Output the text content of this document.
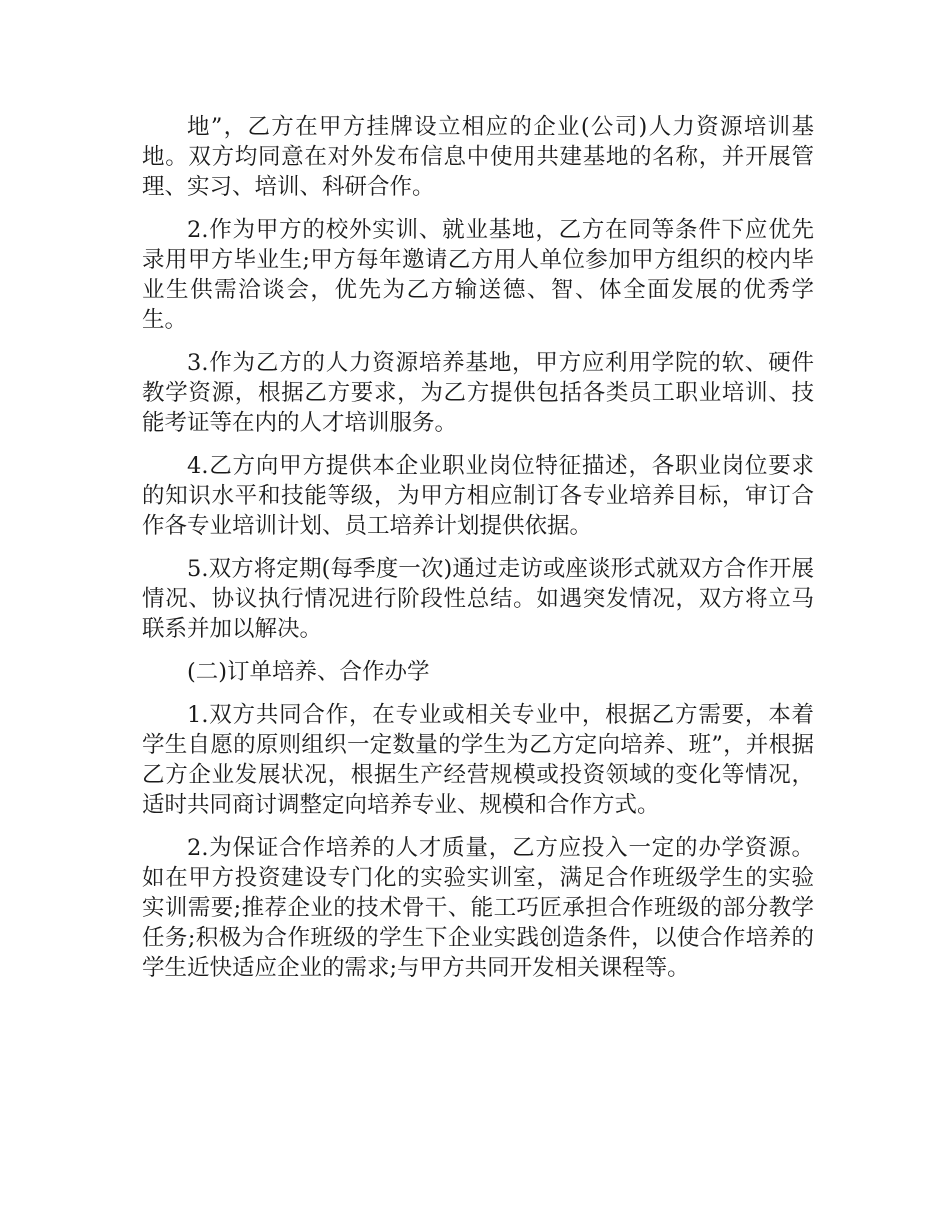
地”，乙方在甲方挂牌设立相应的企业(公司)人力资源培训基地。双方均同意在对外发布信息中使用共建基地的名称，并开展管理、实习、培训、科研合作。

2.作为甲方的校外实训、就业基地，乙方在同等条件下应优先录用甲方毕业生;甲方每年邀请乙方用人单位参加甲方组织的校内毕业生供需洽谈会，优先为乙方输送德、智、体全面发展的优秀学生。

3.作为乙方的人力资源培养基地，甲方应利用学院的软、硬件教学资源，根据乙方要求，为乙方提供包括各类员工职业培训、技能考证等在内的人才培训服务。

4.乙方向甲方提供本企业职业岗位特征描述，各职业岗位要求的知识水平和技能等级，为甲方相应制订各专业培养目标，审订合作各专业培训计划、员工培养计划提供依据。

5.双方将定期(每季度一次)通过走访或座谈形式就双方合作开展情况、协议执行情况进行阶段性总结。如遇突发情况，双方将立马联系并加以解决。

(二)订单培养、合作办学

1.双方共同合作，在专业或相关专业中，根据乙方需要，本着学生自愿的原则组织一定数量的学生为乙方定向培养、班”，并根据乙方企业发展状况，根据生产经营规模或投资领域的变化等情况，适时共同商讨调整定向培养专业、规模和合作方式。

2.为保证合作培养的人才质量，乙方应投入一定的办学资源。如在甲方投资建设专门化的实验实训室，满足合作班级学生的实验实训需要;推荐企业的技术骨干、能工巧匠承担合作班级的部分教学任务;积极为合作班级的学生下企业实践创造条件，以使合作培养的学生近快适应企业的需求;与甲方共同开发相关课程等。
